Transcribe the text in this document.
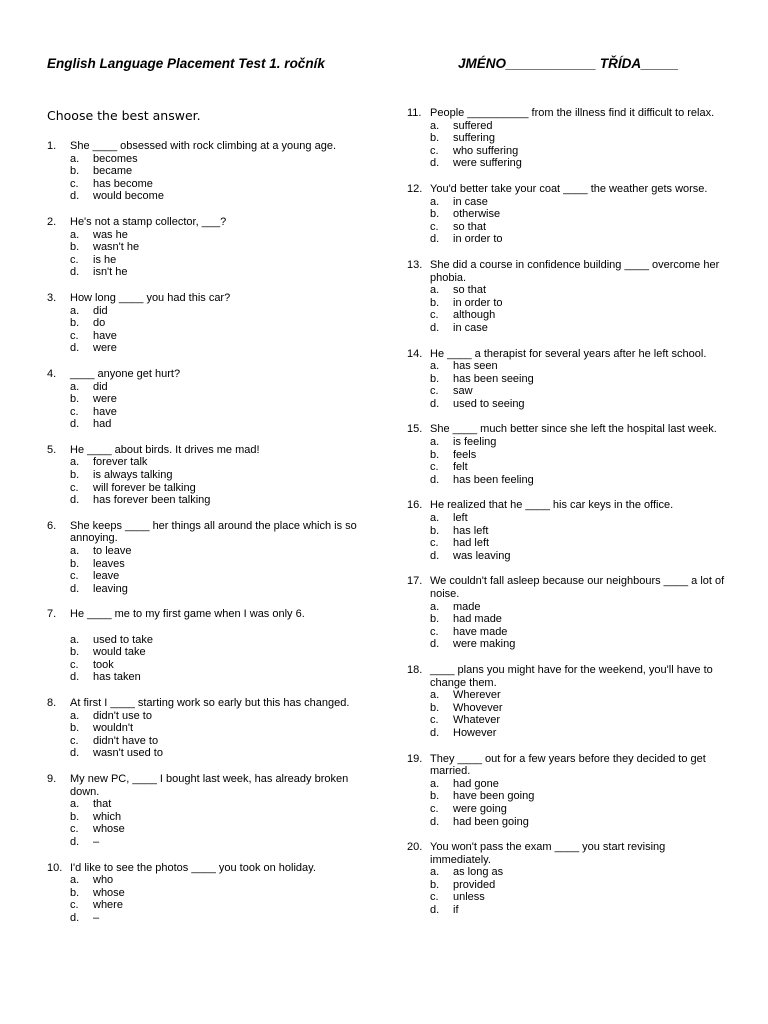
English Language Placement Test 1. ročník	JMÉNO____________ TŘÍDA_____
Choose the best answer.
1. She ____ obsessed with rock climbing at a young age.
a. becomes
b. became
c. has become
d. would become
2. He's not a stamp collector, ___?
a. was he
b. wasn't he
c. is he
d. isn't he
3. How long ____ you had this car?
a. did
b. do
c. have
d. were
4. ____ anyone get hurt?
a. did
b. were
c. have
d. had
5. He ____ about birds. It drives me mad!
a. forever talk
b. is always talking
c. will forever be talking
d. has forever been talking
6. She keeps ____ her things all around the place which is so annoying.
a. to leave
b. leaves
c. leave
d. leaving
7. He ____ me to my first game when I was only 6.
a. used to take
b. would take
c. took
d. has taken
8. At first I ____ starting work so early but this has changed.
a. didn't use to
b. wouldn't
c. didn't have to
d. wasn't used to
9. My new PC, ____ I bought last week, has already broken down.
a. that
b. which
c. whose
d. –
10. I'd like to see the photos ____ you took on holiday.
a. who
b. whose
c. where
d. –
11. People __________ from the illness find it difficult to relax.
a. suffered
b. suffering
c. who suffering
d. were suffering
12. You'd better take your coat ____ the weather gets worse.
a. in case
b. otherwise
c. so that
d. in order to
13. She did a course in confidence building ____ overcome her phobia.
a. so that
b. in order to
c. although
d. in case
14. He ____ a therapist for several years after he left school.
a. has seen
b. has been seeing
c. saw
d. used to seeing
15. She ____ much better since she left the hospital last week.
a. is feeling
b. feels
c. felt
d. has been feeling
16. He realized that he ____ his car keys in the office.
a. left
b. has left
c. had left
d. was leaving
17. We couldn't fall asleep because our neighbours ____ a lot of noise.
a. made
b. had made
c. have made
d. were making
18. ____ plans you might have for the weekend, you'll have to change them.
a. Wherever
b. Whovever
c. Whatever
d. However
19. They ____ out for a few years before they decided to get married.
a. had gone
b. have been going
c. were going
d. had been going
20. You won't pass the exam ____ you start revising immediately.
a. as long as
b. provided
c. unless
d. if
